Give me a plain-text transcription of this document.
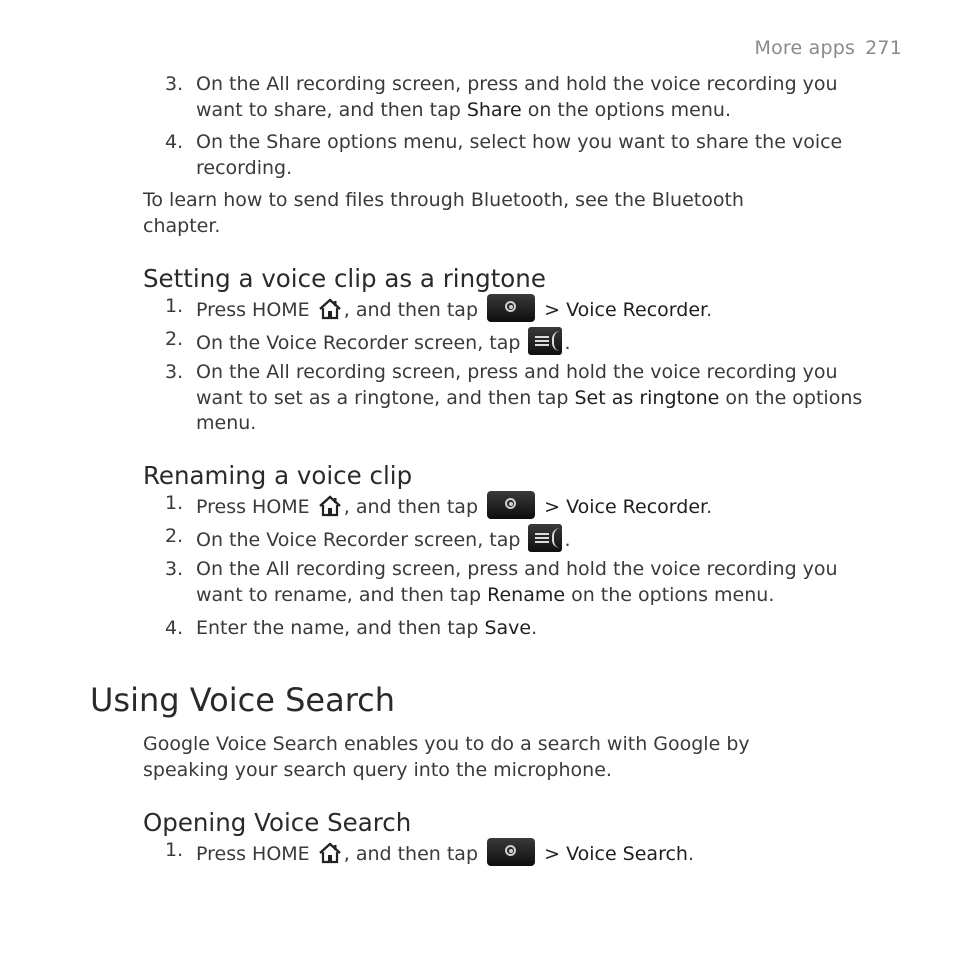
More apps 271
3. On the All recording screen, press and hold the voice recording you want to share, and then tap Share on the options menu.
4. On the Share options menu, select how you want to share the voice recording.
To learn how to send files through Bluetooth, see the Bluetooth chapter.
Setting a voice clip as a ringtone
1. Press HOME , and then tap	> Voice Recorder.
2. On the Voice Recorder screen, tap
.
3. On the All recording screen, press and hold the voice recording you want to set as a ringtone, and then tap Set as ringtone on the options menu.
Renaming a voice clip
1. Press HOME , and then tap	> Voice Recorder.
2. On the Voice Recorder screen, tap
.
3. On the All recording screen, press and hold the voice recording you want to rename, and then tap Rename on the options menu.
4. Enter the name, and then tap Save.
Using Voice Search
Google Voice Search enables you to do a search with Google by speaking your search query into the microphone.
Opening Voice Search
1. Press HOME , and then tap	> Voice Search.
